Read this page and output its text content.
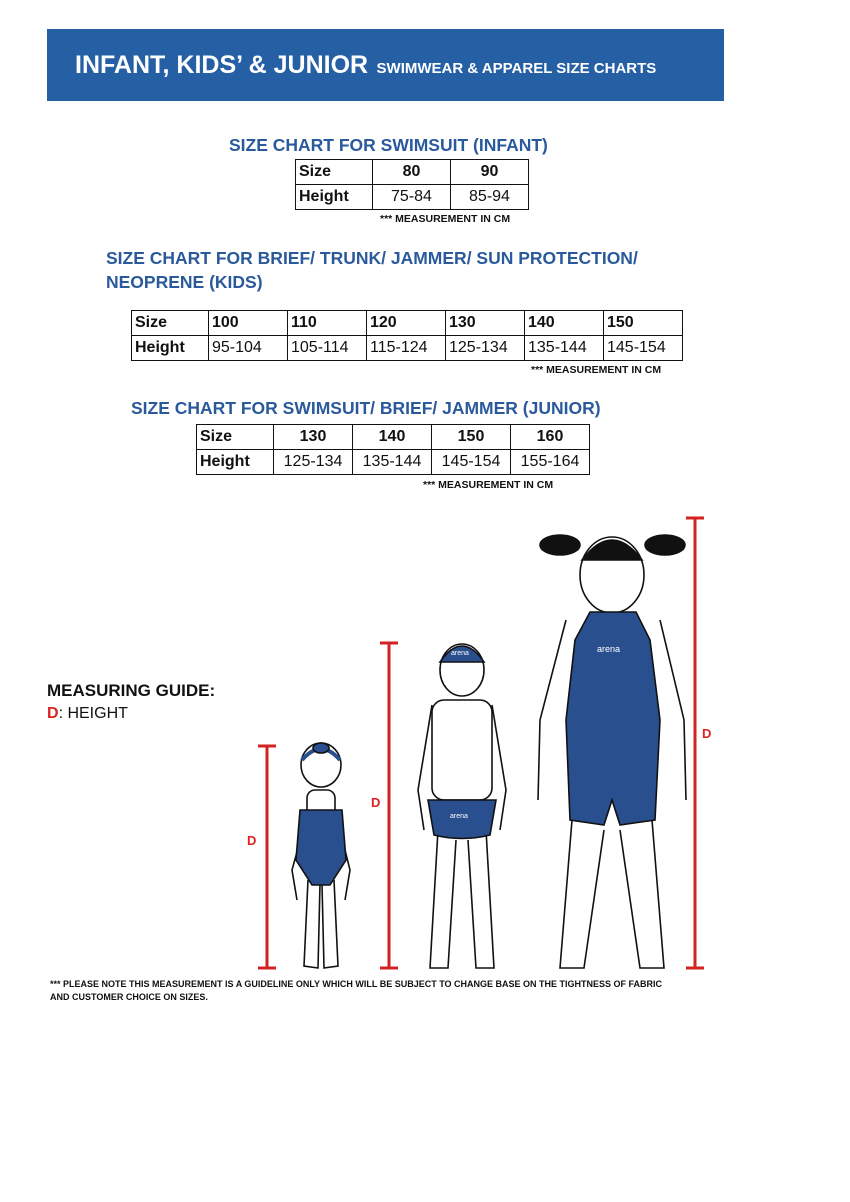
INFANT, KIDS’ & JUNIOR SWIMWEAR & APPAREL SIZE CHARTS
SIZE CHART FOR SWIMSUIT (INFANT)
Size	80	90
Height	75-84	85-94
*** MEASUREMENT IN CM
SIZE CHART FOR BRIEF/ TRUNK/ JAMMER/ SUN PROTECTION/
NEOPRENE (KIDS)
Size	100	110	120	130	140	150
Height	95-104	105-114	115-124	125-134	135-144	145-154
*** MEASUREMENT IN CM
SIZE CHART FOR SWIMSUIT/ BRIEF/ JAMMER (JUNIOR)
Size	130	140	150	160
Height	125-134	135-144	145-154	155-164
*** MEASUREMENT IN CM
MEASURING GUIDE:
D: HEIGHT
D
D
D
arena
arena
arena
*** PLEASE NOTE THIS MEASUREMENT IS A GUIDELINE ONLY WHICH WILL BE SUBJECT TO CHANGE BASE ON THE TIGHTNESS OF FABRIC
AND CUSTOMER CHOICE ON SIZES.
